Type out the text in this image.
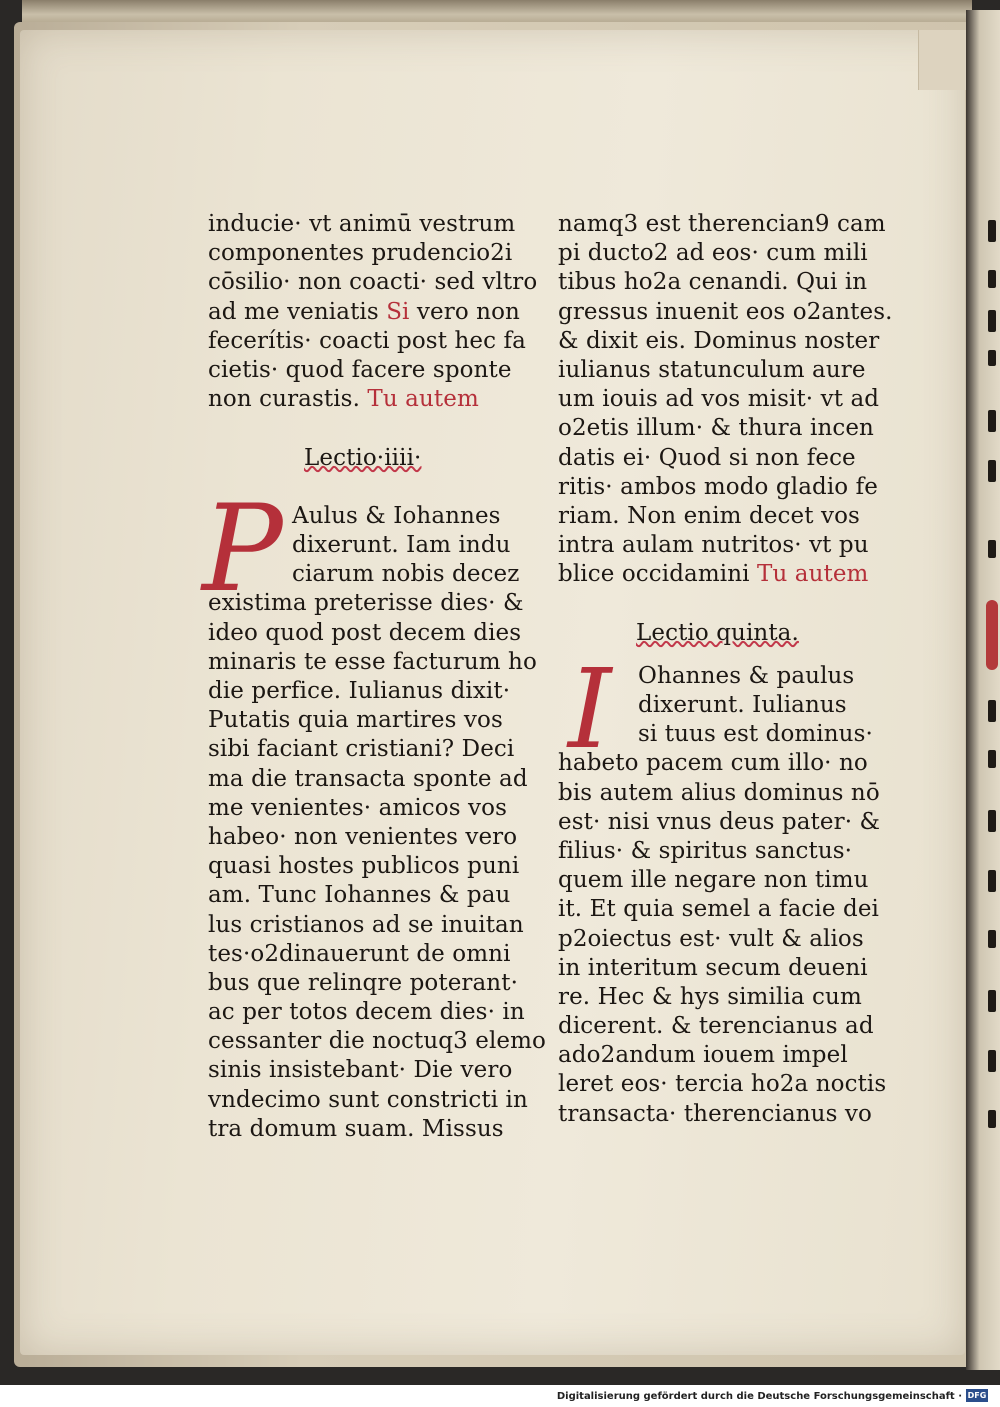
inducie· vt animū vestrum
componentes prudencio2i
cōsilio· non coacti· sed vltro
ad me veniatis Si vero non
fecerítis· coacti post hec fa
cietis· quod facere sponte
non curastis. Tu autem
Lectio·iiii·
P Aulus & Iohannes
dixerunt. Iam indu
ciarum nobis decez
existima preterisse dies· &
ideo quod post decem dies
minaris te esse facturum ho
die perfice. Iulianus dixit·
Putatis quia martires vos
sibi faciant cristiani? Deci
ma die transacta sponte ad
me venientes· amicos vos
habeo· non venientes vero
quasi hostes publicos puni
am. Tunc Iohannes & pau
lus cristianos ad se inuitan
tes·o2dinauerunt de omni
bus que relinqre poterant·
ac per totos decem dies· in
cessanter die noctuq3 elemo
sinis insistebant· Die vero
vndecimo sunt constricti in
tra domum suam. Missus
namq3 est therencian9 cam
pi ducto2 ad eos· cum mili
tibus ho2a cenandi. Qui in
gressus inuenit eos o2antes.
& dixit eis. Dominus noster
iulianus statunculum aure
um iouis ad vos misit· vt ad
o2etis illum· & thura incen
datis ei· Quod si non fece
ritis· ambos modo gladio fe
riam. Non enim decet vos
intra aulam nutritos· vt pu
blice occidamini Tu autem
Lectio quinta.
I	Ohannes & paulus
dixerunt. Iulianus
si tuus est dominus·
habeto pacem cum illo· no
bis autem alius dominus nō
est· nisi vnus deus pater· &
filius· & spiritus sanctus·
quem ille negare non timu
it. Et quia semel a facie dei
p2oiectus est· vult & alios
in interitum secum deueni
re. Hec & hys similia cum
dicerent. & terencianus ad
ado2andum iouem impel
leret eos· tercia ho2a noctis
transacta· therencianus vo
Digitalisierung gefördert durch die Deutsche Forschungsgemeinschaft · DFG
